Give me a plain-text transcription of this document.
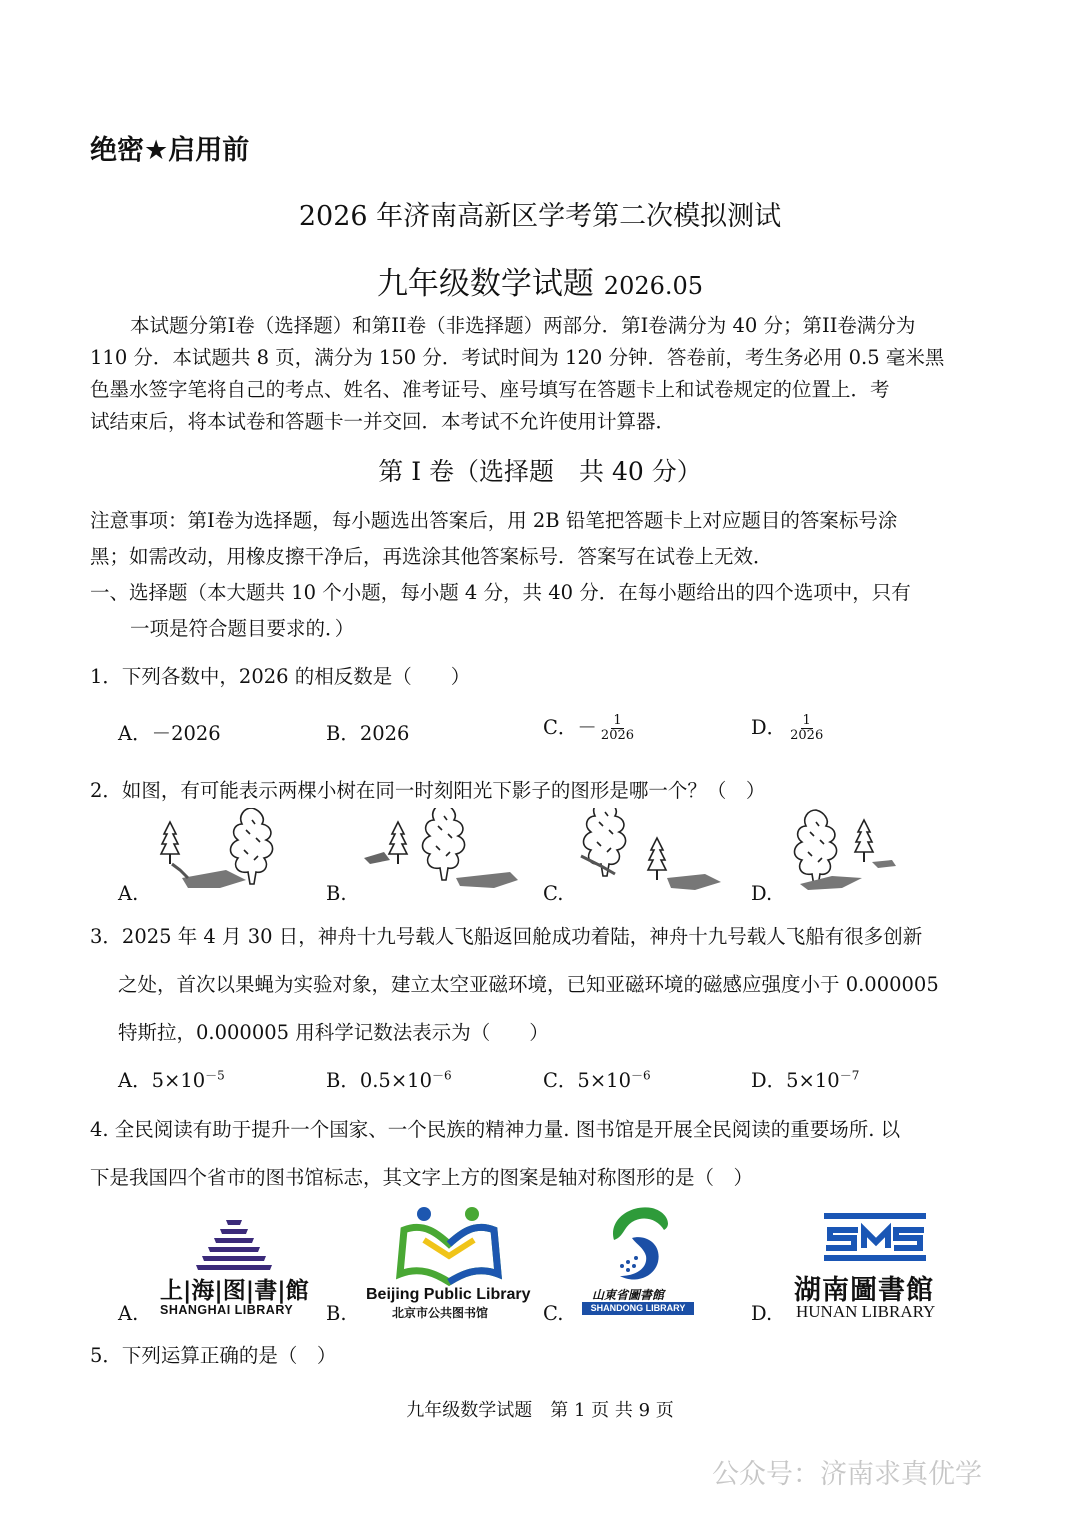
绝密★启用前
2026 年济南高新区学考第二次模拟测试
九年级数学试题 2026.05
本试题分第I卷（选择题）和第II卷（非选择题）两部分．第I卷满分为 40 分；第II卷满分为
110 分．本试题共 8 页，满分为 150 分．考试时间为 120 分钟．答卷前，考生务必用 0.5 毫米黑
色墨水签字笔将自己的考点、姓名、准考证号、座号填写在答题卡上和试卷规定的位置上．考
试结束后，将本试卷和答题卡一并交回．本考试不允许使用计算器．
第 I 卷（选择题　共 40 分）
注意事项：第I卷为选择题，每小题选出答案后，用 2B 铅笔把答题卡上对应题目的答案标号涂
黑；如需改动，用橡皮擦干净后，再选涂其他答案标号．答案写在试卷上无效．
一、选择题（本大题共 10 个小题，每小题 4 分，共 40 分．在每小题给出的四个选项中，只有
一项是符合题目要求的．）
1．下列各数中，2026 的相反数是（　　）
A．－2026	B．2026	C．－ $\frac{1}{2026}$	D． $\frac{1}{2026}$
2．如图，有可能表示两棵小树在同一时刻阳光下影子的图形是哪一个？（　）
A.	B.	C.	D.
3．2025 年 4 月 30 日，神舟十九号载人飞船返回舱成功着陆，神舟十九号载人飞船有很多创新
之处，首次以果蝇为实验对象，建立太空亚磁环境，已知亚磁环境的磁感应强度小于 0.000005
特斯拉，0.000005 用科学记数法表示为（　　）
A．$5\times 10^{-5}$	B．$0.5\times 10^{-6}$	C．$5\times 10^{-6}$	D．$5\times 10^{-7}$
4. 全民阅读有助于提升一个国家、一个民族的精神力量. 图书馆是开展全民阅读的重要场所. 以
下是我国四个省市的图书馆标志，其文字上方的图案是轴对称图形的是（　）
A.	B.	C.	D.
上|海|图|書|館
SHANGHAI LIBRARY
Beijing Public Library
北京市公共图书馆
山東省圖書館
SHANDONG LIBRARY
湖南圖書館
HUNAN LIBRARY
5．下列运算正确的是（　）
九年级数学试题　第 1 页 共 9 页
公众号：济南求真优学
